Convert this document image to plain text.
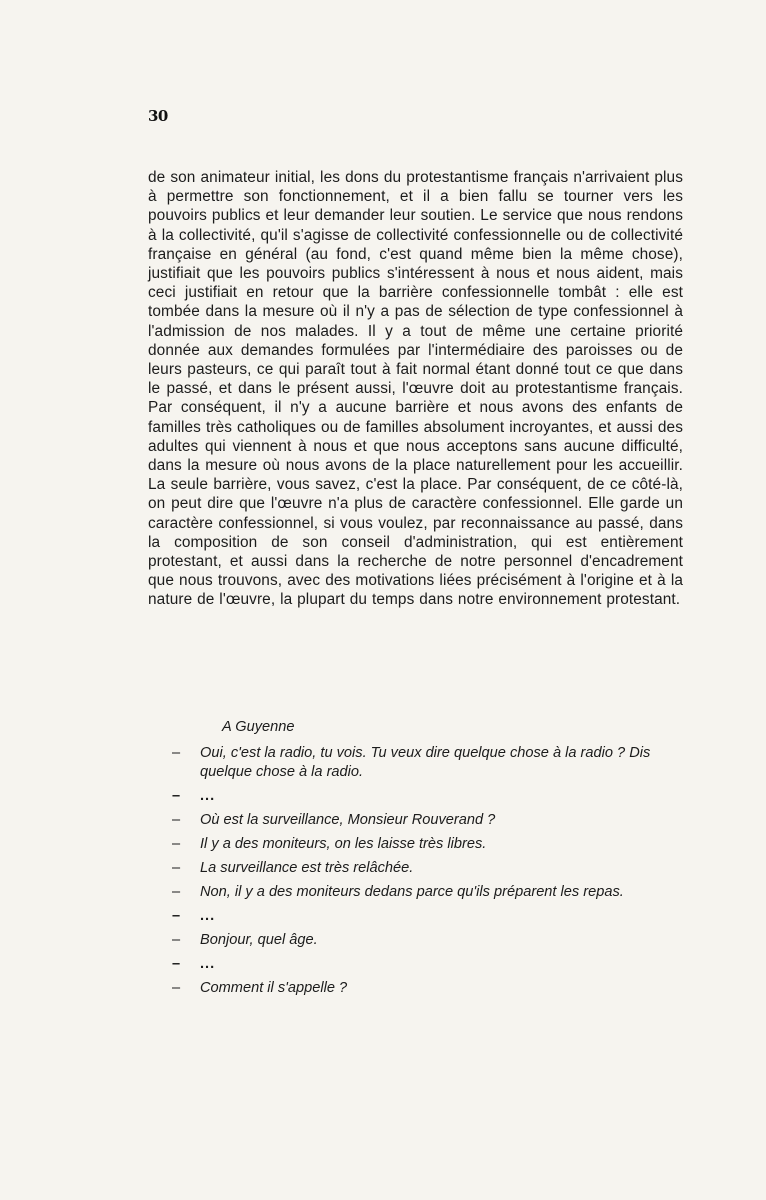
30

de son animateur initial, les dons du protestantisme français n'arrivaient plus à permettre son fonctionnement, et il a bien fallu se tourner vers les pouvoirs publics et leur demander leur soutien. Le service que nous rendons à la collectivité, qu'il s'agisse de collectivité confessionnelle ou de collectivité française en général (au fond, c'est quand même bien la même chose), justifiait que les pouvoirs publics s'intéressent à nous et nous aident, mais ceci justifiait en retour que la barrière confessionnelle tombât : elle est tombée dans la mesure où il n'y a pas de sélection de type confessionnel à l'admission de nos malades. Il y a tout de même une certaine priorité donnée aux demandes formulées par l'intermédiaire des paroisses ou de leurs pasteurs, ce qui paraît tout à fait normal étant donné tout ce que dans le passé, et dans le présent aussi, l'œuvre doit au protestantisme français. Par conséquent, il n'y a aucune barrière et nous avons des enfants de familles très catholiques ou de familles absolument incroyantes, et aussi des adultes qui viennent à nous et que nous acceptons sans aucune difficulté, dans la mesure où nous avons de la place naturellement pour les accueillir. La seule barrière, vous savez, c'est la place. Par conséquent, de ce côté-là, on peut dire que l'œuvre n'a plus de caractère confessionnel. Elle garde un caractère confessionnel, si vous voulez, par reconnaissance au passé, dans la composition de son conseil d'administration, qui est entièrement protestant, et aussi dans la recherche de notre personnel d'encadrement que nous trouvons, avec des motivations liées précisément à l'origine et à la nature de l'œuvre, la plupart du temps dans notre environnement protestant.

A Guyenne
–	Oui, c'est la radio, tu vois. Tu veux dire quelque chose à la radio ? Dis quelque chose à la radio.
–	...
–	Où est la surveillance, Monsieur Rouverand ?
–	Il y a des moniteurs, on les laisse très libres.
–	La surveillance est très relâchée.
–	Non, il y a des moniteurs dedans parce qu'ils préparent les repas.
–	...
–	Bonjour, quel âge.
–	...
–	Comment il s'appelle ?
